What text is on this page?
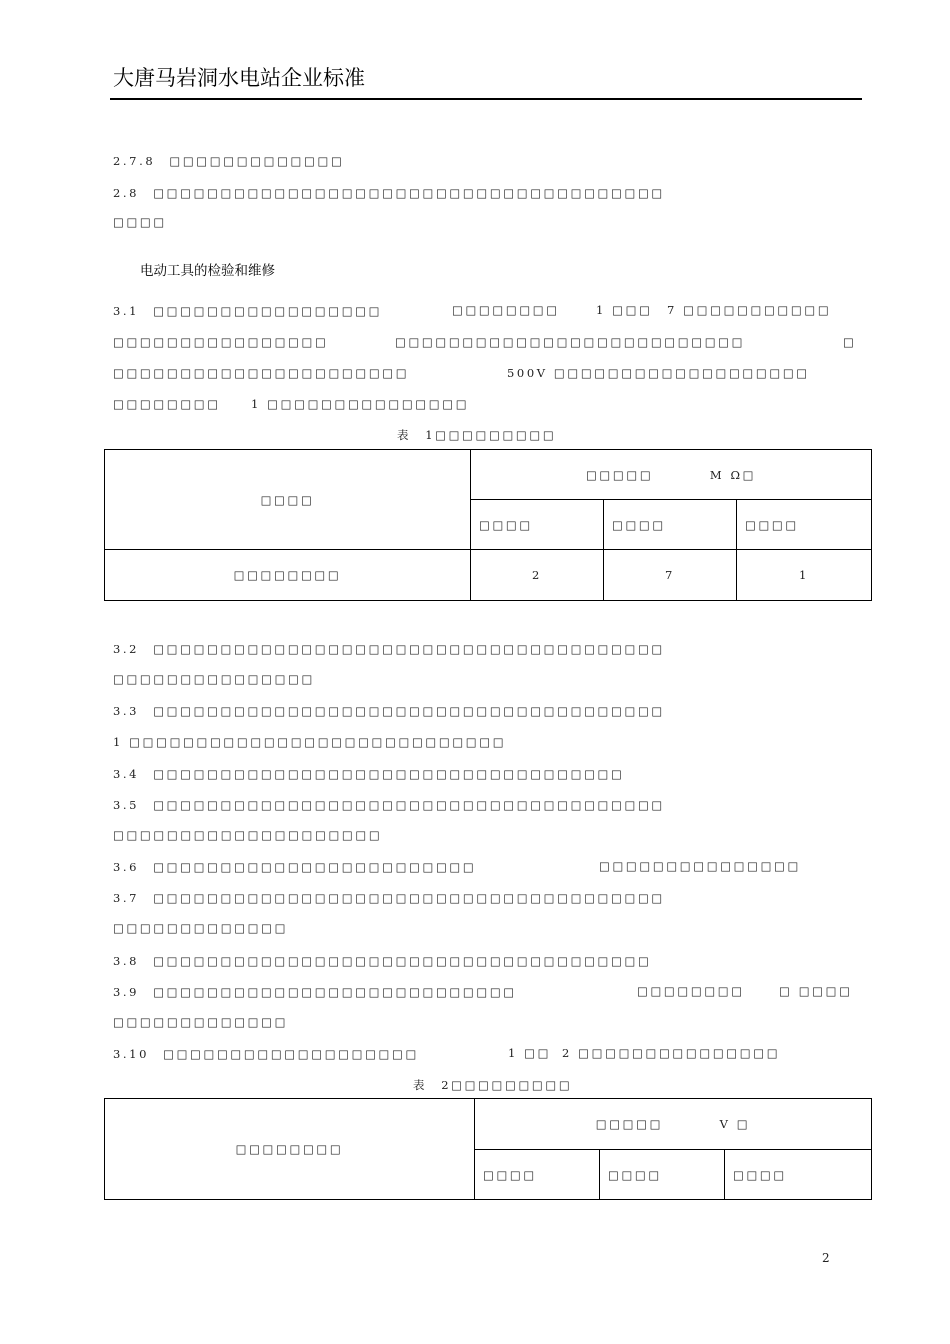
大唐马岩洞水电站企业标准
2.7.8　□□□□□□□□□□□□□
2.8　□□□□□□□□□□□□□□□□□□□□□□□□□□□□□□□□□□□□□□
□□□□
电动工具的检验和维修
3.1　□□□□□□□□□□□□□□□□□	□□□□□□□□	1 □□□ 7 □□□□□□□□□□□
□□□□□□□□□□□□□□□□	□□□□□□□□□□□□□□□□□□□□□□□□□□	□
□□□□□□□□□□□□□□□□□□□□□□	500V □□□□□□□□□□□□□□□□□□□
□□□□□□□□	1 □□□□□□□□□□□□□□□
表　1□□□□□□□□□
□□□□	□□□□□ M Ω□		
	□□□□	□□□□	□□□□
□□□□□□□□	2	7	1
3.2　□□□□□□□□□□□□□□□□□□□□□□□□□□□□□□□□□□□□□□
□□□□□□□□□□□□□□□
3.3　□□□□□□□□□□□□□□□□□□□□□□□□□□□□□□□□□□□□□□
1 □□□□□□□□□□□□□□□□□□□□□□□□□□□□
3.4　□□□□□□□□□□□□□□□□□□□□□□□□□□□□□□□□□□□
3.5　□□□□□□□□□□□□□□□□□□□□□□□□□□□□□□□□□□□□□□
□□□□□□□□□□□□□□□□□□□□
3.6　□□□□□□□□□□□□□□□□□□□□□□□□	□□□□□□□□□□□□□□□
3.7　□□□□□□□□□□□□□□□□□□□□□□□□□□□□□□□□□□□□□□
□□□□□□□□□□□□□
3.8　□□□□□□□□□□□□□□□□□□□□□□□□□□□□□□□□□□□□□
3.9　□□□□□□□□□□□□□□□□□□□□□□□□□□□	□□□□□□□□	□ □□□□
□□□□□□□□□□□□□
3.10　□□□□□□□□□□□□□□□□□□□	1 □□ 2 □□□□□□□□□□□□□□□
表　2□□□□□□□□□
□□□□□□□□	□□□□□ V □		
	□□□□	□□□□	□□□□
2
